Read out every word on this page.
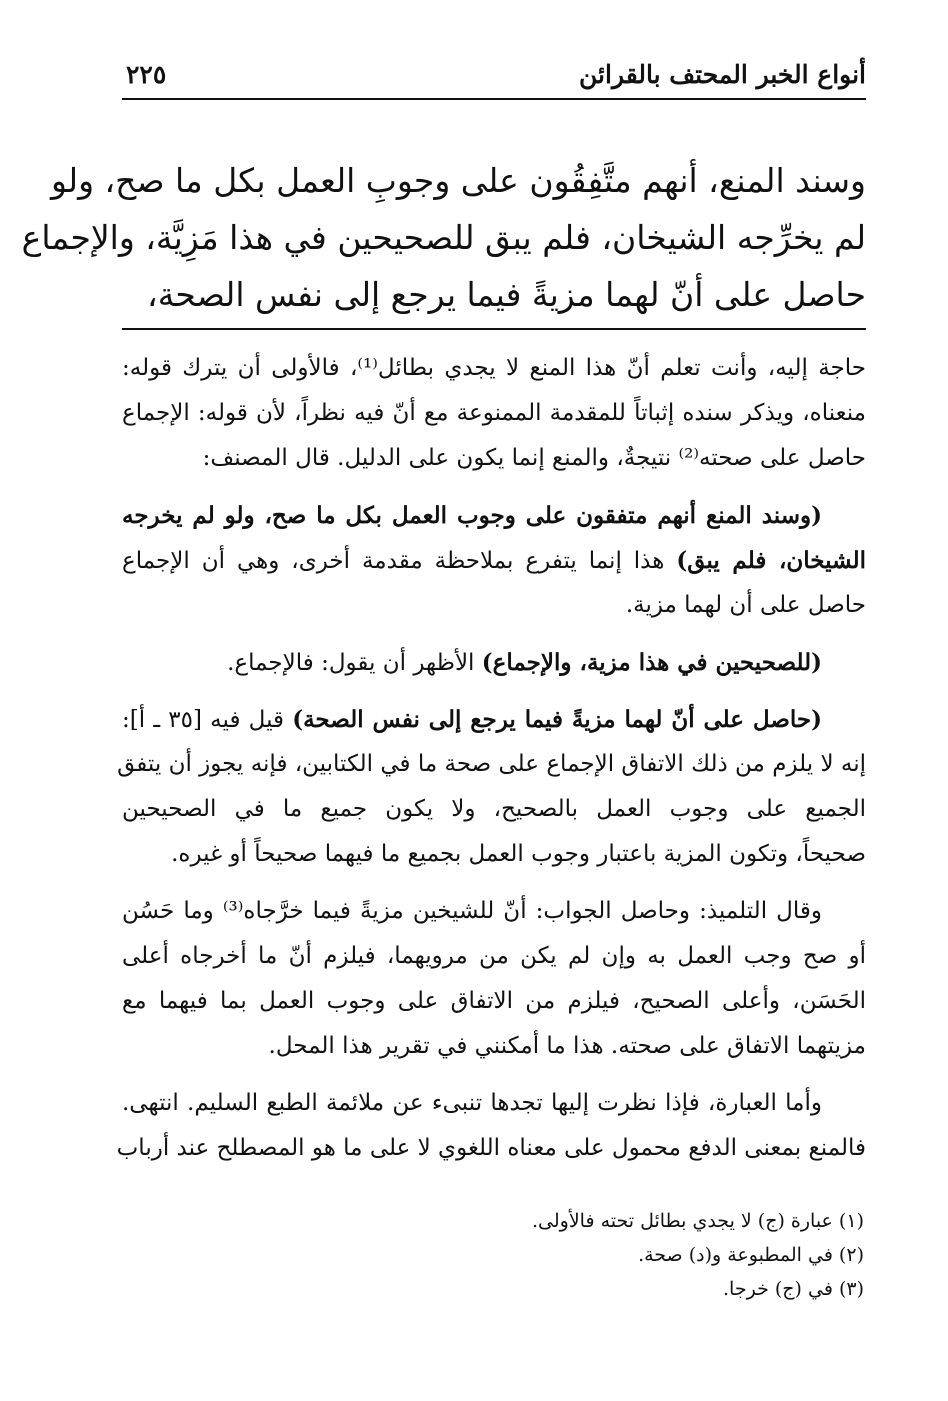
أنواع الخبر المحتف بالقرائن
٢٢٥
وسند المنع، أنهم متَّفِقُون على وجوبِ العمل بكل ما صح، ولو
لم يخرِّجه الشيخان، فلم يبق للصحيحين في هذا مَزِيَّة، والإجماع
حاصل على أنّ لهما مزيةً فيما يرجع إلى نفس الصحة،
حاجة إليه، وأنت تعلم أنّ هذا المنع لا يجدي بطائل⁽¹⁾، فالأولى أن يترك قوله:
منعناه، ويذكر سنده إثباتاً للمقدمة الممنوعة مع أنّ فيه نظراً، لأن قوله: الإجماع
حاصل على صحته⁽²⁾ نتيجةٌ، والمنع إنما يكون على الدليل. قال المصنف:
(وسند المنع أنهم متفقون على وجوب العمل بكل ما صح، ولو لم يخرجه
الشيخان، فلم يبق) هذا إنما يتفرع بملاحظة مقدمة أخرى، وهي أن الإجماع
حاصل على أن لهما مزية.
(للصحيحين في هذا مزية، والإجماع) الأظهر أن يقول: فالإجماع.
(حاصل على أنّ لهما مزيةً فيما يرجع إلى نفس الصحة) قيل فيه [٣٥ ـ أ]:
إنه لا يلزم من ذلك الاتفاق الإجماع على صحة ما في الكتابين، فإنه يجوز أن يتفق
الجميع على وجوب العمل بالصحيح، ولا يكون جميع ما في الصحيحين
صحيحاً، وتكون المزية باعتبار وجوب العمل بجميع ما فيهما صحيحاً أو غيره.
وقال التلميذ: وحاصل الجواب: أنّ للشيخين مزيةً فيما خرَّجاه⁽³⁾ وما حَسُن
أو صح وجب العمل به وإن لم يكن من مرويهما، فيلزم أنّ ما أخرجاه أعلى
الحَسَن، وأعلى الصحيح، فيلزم من الاتفاق على وجوب العمل بما فيهما مع
مزيتهما الاتفاق على صحته. هذا ما أمكنني في تقرير هذا المحل.
وأما العبارة، فإذا نظرت إليها تجدها تنبىء عن ملائمة الطبع السليم. انتهى.
فالمنع بمعنى الدفع محمول على معناه اللغوي لا على ما هو المصطلح عند أرباب
(١) عبارة (ج) لا يجدي بطائل تحته فالأولى.
(٢) في المطبوعة و(د) صحة.
(٣) في (ج) خرجا.
